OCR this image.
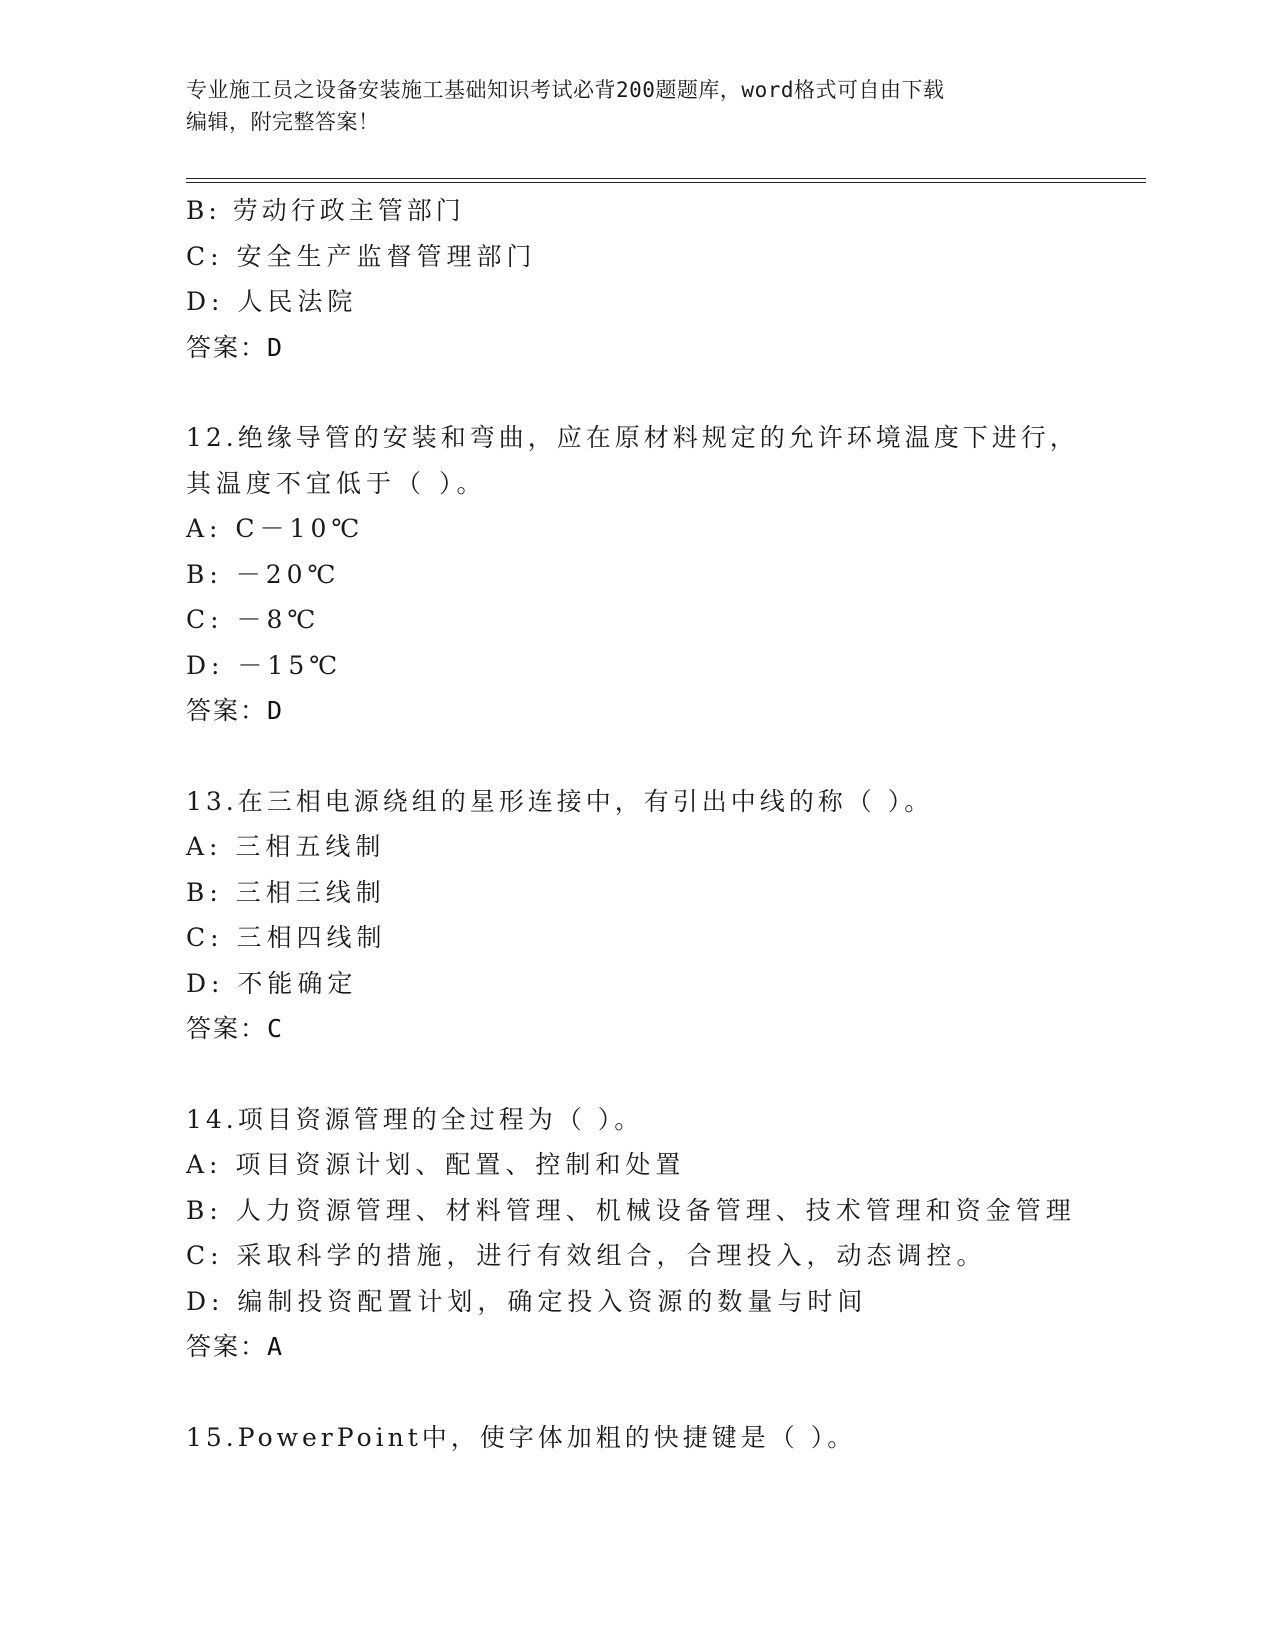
专业施工员之设备安装施工基础知识考试必背200题题库，word格式可自由下载
编辑，附完整答案！
B: 劳动行政主管部门
C: 安全生产监督管理部门
D: 人民法院
答案：D
12.绝缘导管的安装和弯曲，应在原材料规定的允许环境温度下进行，
其温度不宜低于（ ）。
A: C－10℃
B: －20℃
C: －8℃
D: －15℃
答案：D
13.在三相电源绕组的星形连接中，有引出中线的称（ ）。
A: 三相五线制
B: 三相三线制
C: 三相四线制
D: 不能确定
答案：C
14.项目资源管理的全过程为（ ）。
A: 项目资源计划、配置、控制和处置
B: 人力资源管理、材料管理、机械设备管理、技术管理和资金管理
C: 采取科学的措施，进行有效组合，合理投入，动态调控。
D: 编制投资配置计划，确定投入资源的数量与时间
答案：A
15.PowerPoint中，使字体加粗的快捷键是（ ）。
